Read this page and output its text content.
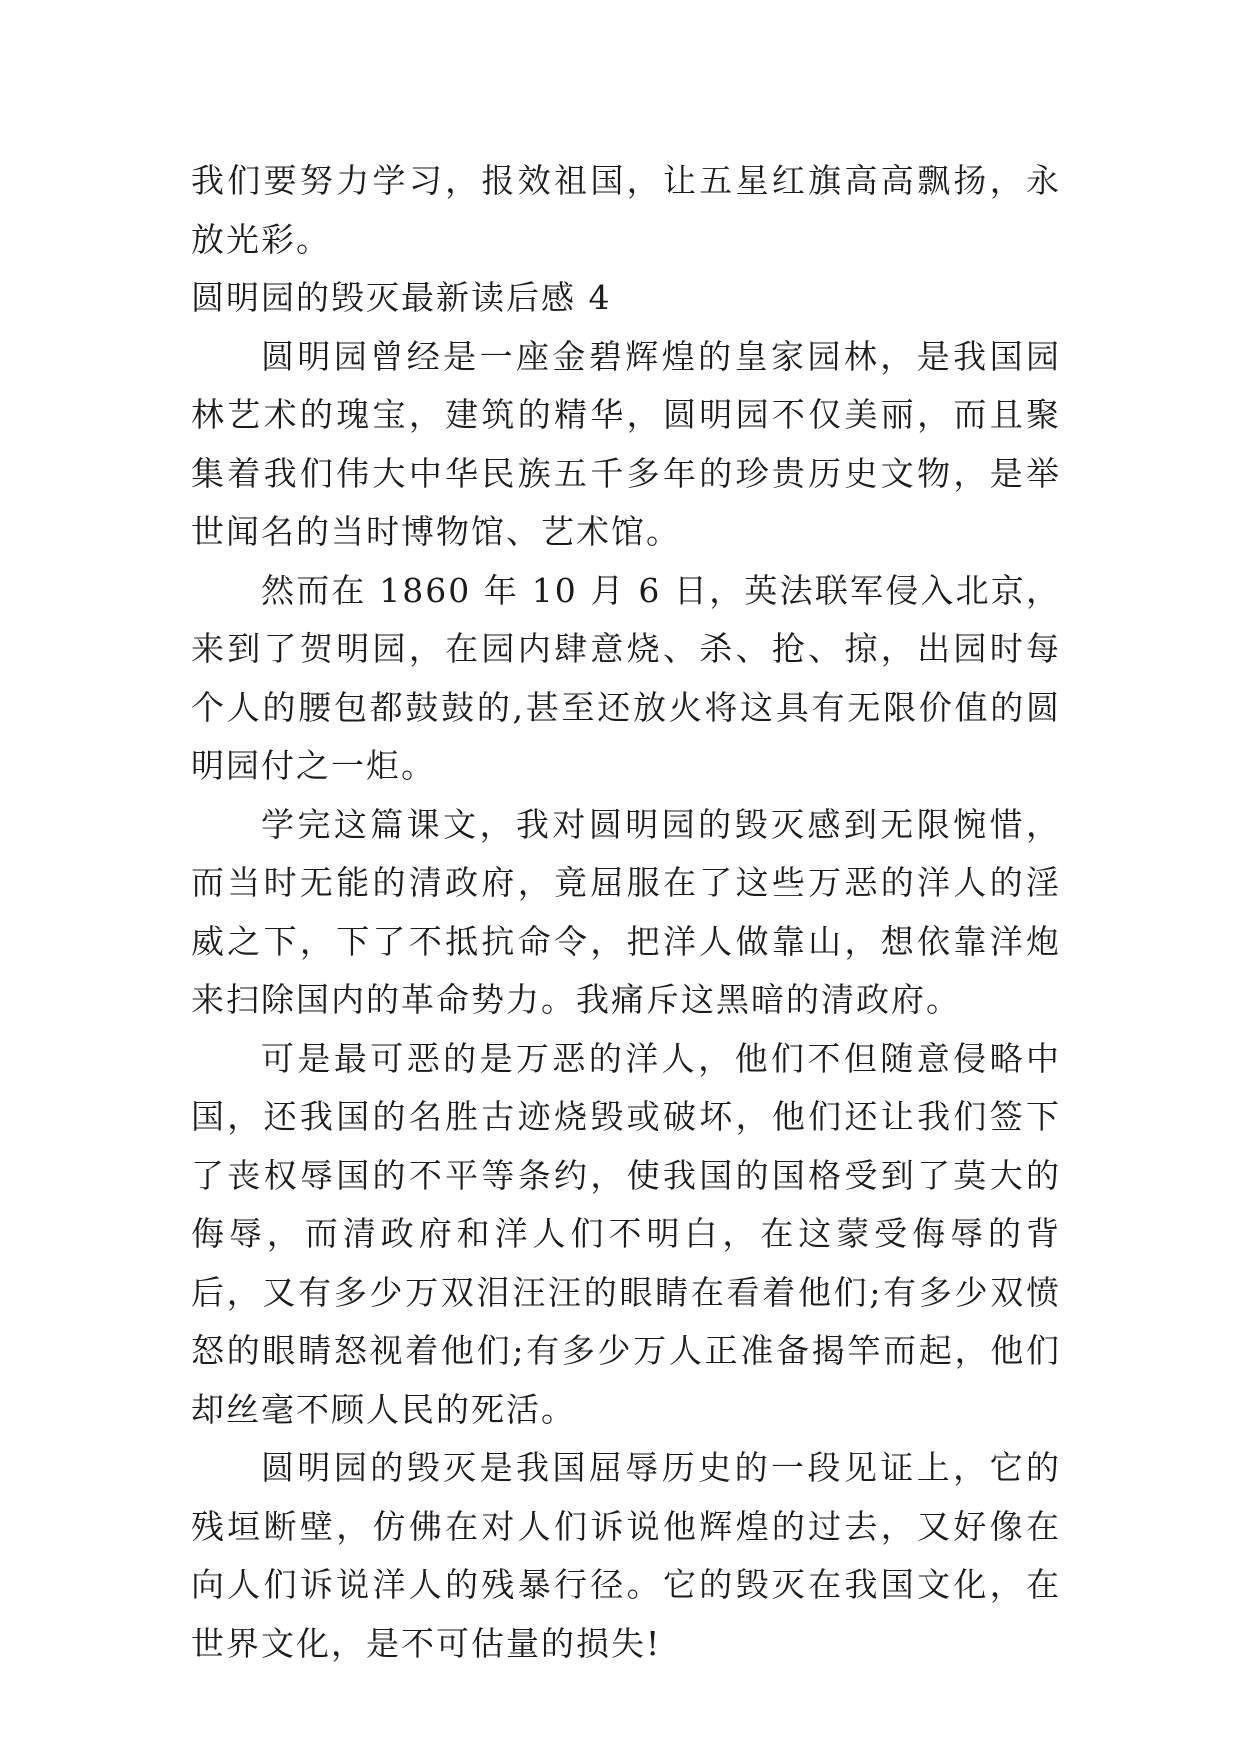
我们要努力学习，报效祖国，让五星红旗高高飘扬，永放光彩。

圆明园的毁灭最新读后感 4

圆明园曾经是一座金碧辉煌的皇家园林，是我国园林艺术的瑰宝，建筑的精华，圆明园不仅美丽，而且聚集着我们伟大中华民族五千多年的珍贵历史文物，是举世闻名的当时博物馆、艺术馆。

然而在 1860 年 10 月 6 日，英法联军侵入北京，来到了贺明园，在园内肆意烧、杀、抢、掠，出园时每个人的腰包都鼓鼓的,甚至还放火将这具有无限价值的圆明园付之一炬。

学完这篇课文，我对圆明园的毁灭感到无限惋惜，而当时无能的清政府，竟屈服在了这些万恶的洋人的淫威之下，下了不抵抗命令，把洋人做靠山，想依靠洋炮来扫除国内的革命势力。我痛斥这黑暗的清政府。

可是最可恶的是万恶的洋人，他们不但随意侵略中国，还我国的名胜古迹烧毁或破坏，他们还让我们签下了丧权辱国的不平等条约，使我国的国格受到了莫大的侮辱，而清政府和洋人们不明白，在这蒙受侮辱的背后，又有多少万双泪汪汪的眼睛在看着他们;有多少双愤怒的眼睛怒视着他们;有多少万人正准备揭竿而起，他们却丝毫不顾人民的死活。

圆明园的毁灭是我国屈辱历史的一段见证上，它的残垣断壁，仿佛在对人们诉说他辉煌的过去，又好像在向人们诉说洋人的残暴行径。它的毁灭在我国文化，在世界文化，是不可估量的损失!
